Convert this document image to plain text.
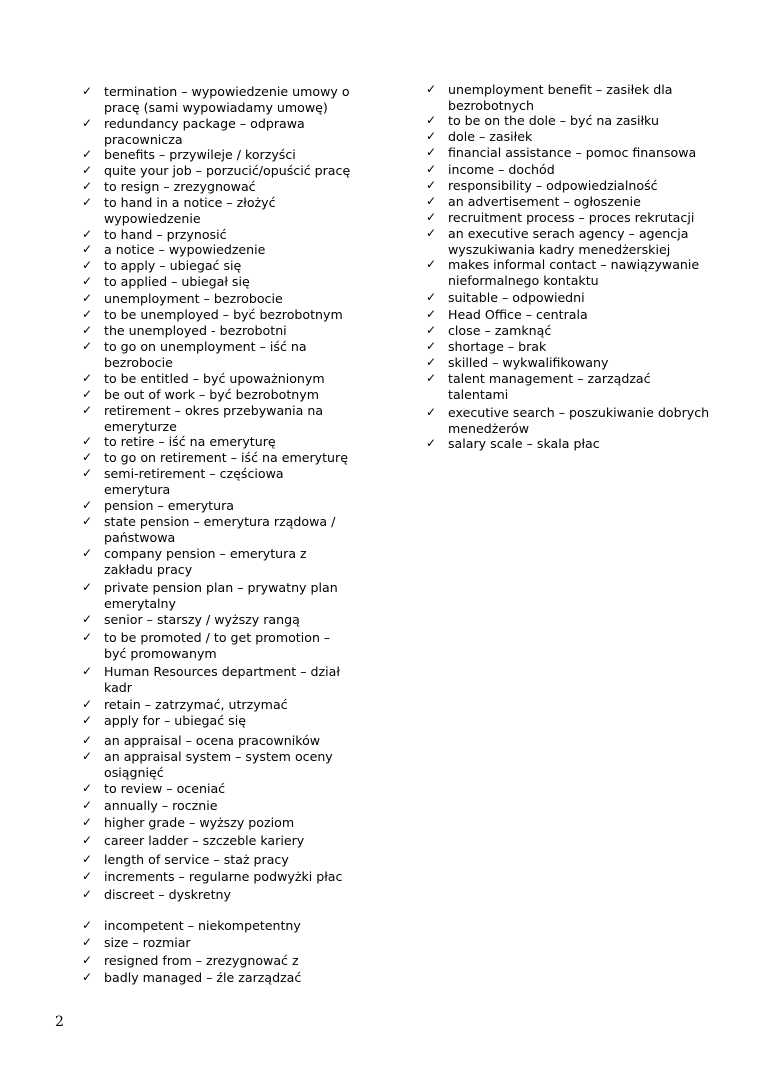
✓ termination – wypowiedzenie umowy o pracę (sami wypowiadamy umowę)
✓ redundancy package – odprawa pracownicza
✓ benefits – przywileje / korzyści
✓ quite your job – porzucić/opuścić pracę
✓ to resign – zrezygnować
✓ to hand in a notice – złożyć wypowiedzenie
✓ to hand – przynosić
✓ a notice – wypowiedzenie
✓ to apply – ubiegać się
✓ to applied – ubiegał się
✓ unemployment – bezrobocie
✓ to be unemployed – być bezrobotnym
✓ the unemployed - bezrobotni
✓ to go on unemployment – iść na bezrobocie
✓ to be entitled – być upoważnionym
✓ be out of work – być bezrobotnym
✓ retirement – okres przebywania na emeryturze
✓ to retire – iść na emeryturę
✓ to go on retirement – iść na emeryturę
✓ semi-retirement – częściowa emerytura
✓ pension – emerytura
✓ state pension – emerytura rządowa / państwowa
✓ company pension – emerytura z zakładu pracy
✓ private pension plan – prywatny plan emerytalny
✓ senior – starszy / wyższy rangą
✓ to be promoted / to get promotion – być promowanym
✓ Human Resources department – dział kadr
✓ retain – zatrzymać, utrzymać
✓ apply for – ubiegać się
✓ an appraisal – ocena pracowników
✓ an appraisal system – system oceny osiągnięć
✓ to review – oceniać
✓ annually – rocznie
✓ higher grade – wyższy poziom
✓ career ladder – szczeble kariery
✓ length of service – staż pracy
✓ increments – regularne podwyżki płac
✓ discreet – dyskretny
✓ incompetent – niekompetentny
✓ size – rozmiar
✓ resigned from – zrezygnować z
✓ badly managed – źle zarządzać
✓ unemployment benefit – zasiłek dla bezrobotnych
✓ to be on the dole – być na zasiłku
✓ dole – zasiłek
✓ financial assistance – pomoc finansowa
✓ income – dochód
✓ responsibility – odpowiedzialność
✓ an advertisement – ogłoszenie
✓ recruitment process – proces rekrutacji
✓ an executive serach agency – agencja wyszukiwania kadry menedżerskiej
✓ makes informal contact – nawiązywanie nieformalnego kontaktu
✓ suitable – odpowiedni
✓ Head Office – centrala
✓ close – zamknąć
✓ shortage – brak
✓ skilled – wykwalifikowany
✓ talent management – zarządzać talentami
✓ executive search – poszukiwanie dobrych menedżerów
✓ salary scale – skala płac
2
